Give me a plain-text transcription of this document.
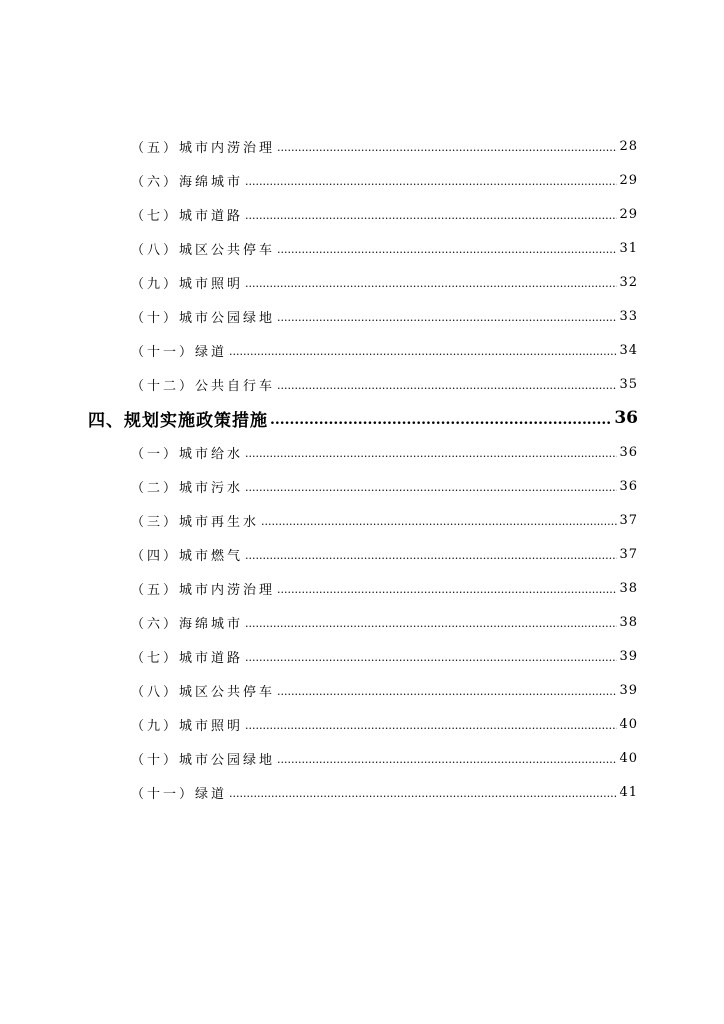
（五）城市内涝治理 .....	28
（六）海绵城市 .....	29
（七）城市道路 .....	29
（八）城区公共停车 .....	31
（九）城市照明 .....	32
（十）城市公园绿地 .....	33
（十一）绿道 .....	34
（十二）公共自行车 .....	35
四、规划实施政策措施 .....	36
（一）城市给水 .....	36
（二）城市污水 .....	36
（三）城市再生水 .....	37
（四）城市燃气 .....	37
（五）城市内涝治理 .....	38
（六）海绵城市 .....	38
（七）城市道路 .....	39
（八）城区公共停车 .....	39
（九）城市照明 .....	40
（十）城市公园绿地 .....	40
（十一）绿道 .....	41
